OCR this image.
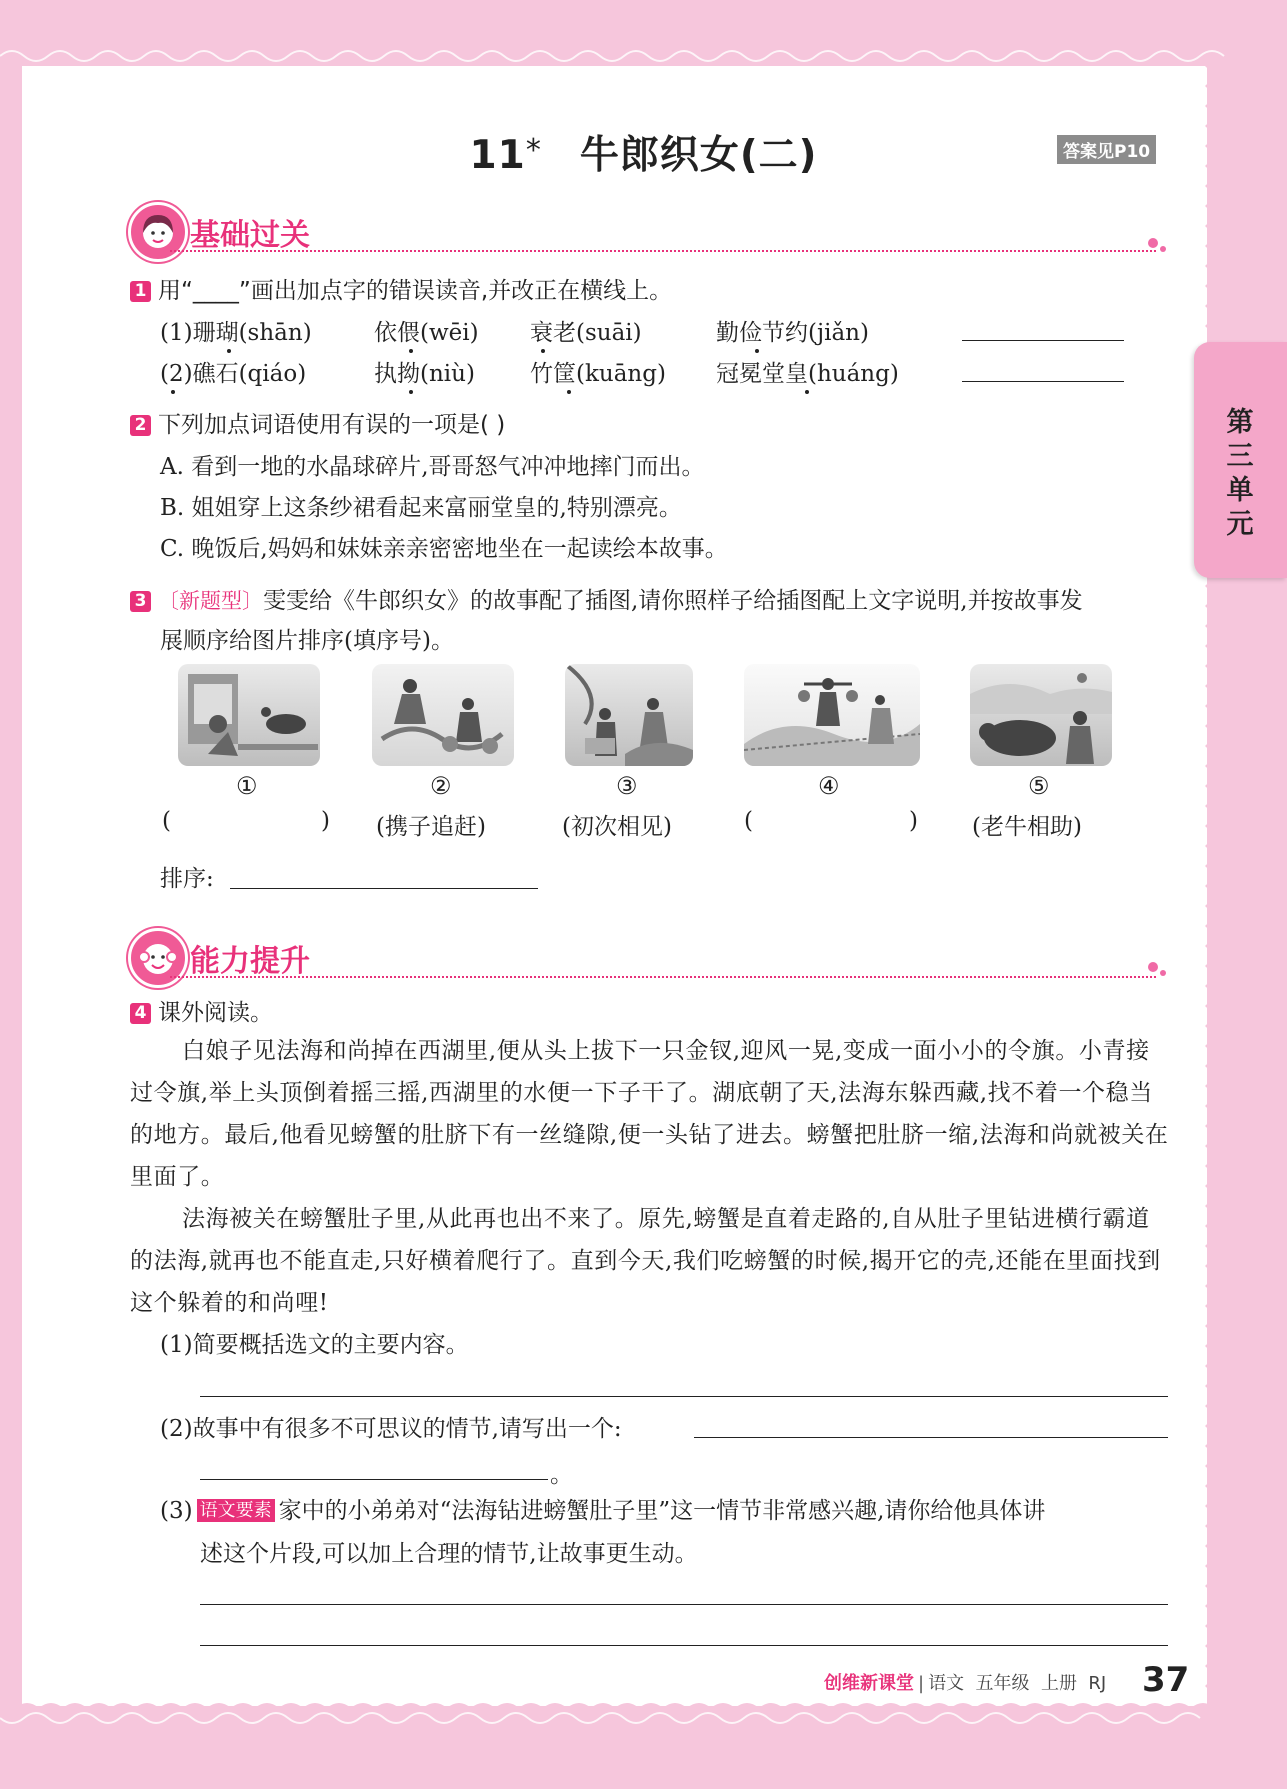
第三单元
11* 牛郎织女(二)	答案见P10
基础过关
1 用“____”画出加点字的错误读音,并改正在横线上。
(1)珊瑚(shān)	依偎(wēi) 衰老(suāi)	勤俭节约(jiǎn)
(2)礁石(qiáo)	执拗(niù) 竹筐(kuāng) 冠冕堂皇(huáng)
2 下列加点词语使用有误的一项是( )
A. 看到一地的水晶球碎片,哥哥怒气冲冲地摔门而出。
B. 姐姐穿上这条纱裙看起来富丽堂皇的,特别漂亮。
C. 晚饭后,妈妈和妹妹亲亲密密地坐在一起读绘本故事。
3 〔新题型〕雯雯给《牛郎织女》的故事配了插图,请你照样子给插图配上文字说明,并按故事发
展顺序给图片排序(填序号)。
①	②	③	④	⑤
(	) (携子追赶)	(初次相见)	(	) (老牛相助)
排序:
能力提升
4 课外阅读。
白娘子见法海和尚掉在西湖里,便从头上拔下一只金钗,迎风一晃,变成一面小小的令旗。小青接过令旗,举上头顶倒着摇三摇,西湖里的水便一下子干了。湖底朝了天,法海东躲西藏,找不着一个稳当的地方。最后,他看见螃蟹的肚脐下有一丝缝隙,便一头钻了进去。螃蟹把肚脐一缩,法海和尚就被关在里面了。
法海被关在螃蟹肚子里,从此再也出不来了。原先,螃蟹是直着走路的,自从肚子里钻进横行霸道的法海,就再也不能直走,只好横着爬行了。直到今天,我们吃螃蟹的时候,揭开它的壳,还能在里面找到这个躲着的和尚哩!
(1)简要概括选文的主要内容。
(2)故事中有很多不可思议的情节,请写出一个:
。
(3) 语文要素 家中的小弟弟对“法海钻进螃蟹肚子里”这一情节非常感兴趣,请你给他具体讲
述这个片段,可以加上合理的情节,让故事更生动。
创维新课堂 | 语文  五年级  上册  RJ 37
